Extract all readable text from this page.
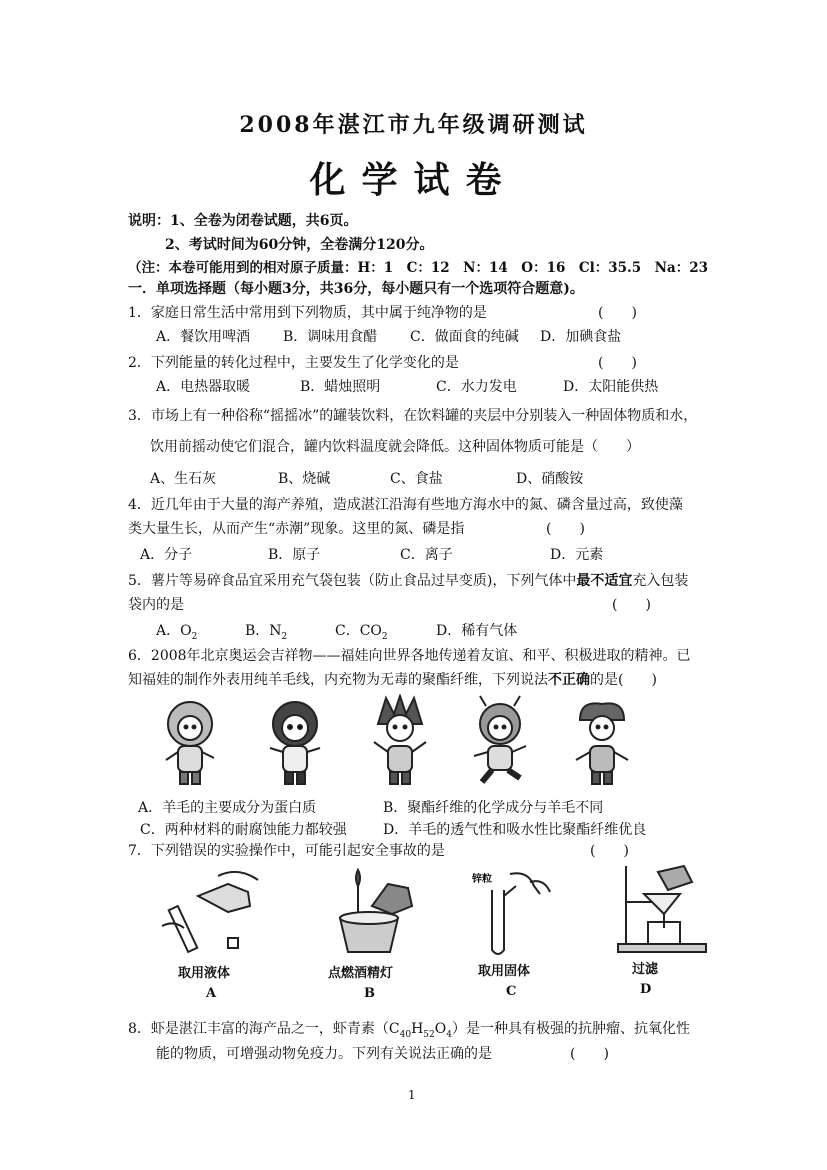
2008年湛江市九年级调研测试
化学试卷
说明：1、全卷为闭卷试题，共6页。
2、考试时间为60分钟，全卷满分120分。
（注：本卷可能用到的相对原子质量：H：1　C：12　N：14　O：16　Cl：35.5　Na：23
一．单项选择题（每小题3分，共36分，每小题只有一个选项符合题意)。
1．家庭日常生活中常用到下列物质，其中属于纯净物的是	(　　)
A．餐饮用啤酒 B．调味用食醋 C．做面食的纯碱 D．加碘食盐
2．下列能量的转化过程中，主要发生了化学变化的是	(　　)
A．电热器取暖	B．蜡烛照明	C．水力发电	D．太阳能供热
3．市场上有一种俗称“摇摇冰”的罐装饮料，在饮料罐的夹层中分别装入一种固体物质和水，
饮用前摇动使它们混合，罐内饮料温度就会降低。这种固体物质可能是（　　）
A、生石灰	B、烧碱	C、食盐	D、硝酸铵
4．近几年由于大量的海产养殖，造成湛江沿海有些地方海水中的氮、磷含量过高，致使藻
类大量生长，从而产生“赤潮”现象。这里的氮、磷是指	(　　)
A．分子	B．原子	C．离子	D．元素
5．薯片等易碎食品宜采用充气袋包装（防止食品过早变质)，下列气体中最不适宜充入包装
袋内的是	(　　)
A．$O_2$	B．$N_2$	C．$CO_2$	D．稀有气体
6．2008年北京奥运会吉祥物——福娃向世界各地传递着友谊、和平、积极进取的精神。已
知福娃的制作外表用纯羊毛线，内充物为无毒的聚酯纤维，下列说法不正确的是(　　)
A．羊毛的主要成分为蛋白质	B．聚酯纤维的化学成分与羊毛不同
C．两种材料的耐腐蚀能力都较强	D．羊毛的透气性和吸水性比聚酯纤维优良
7．下列错误的实验操作中，可能引起安全事故的是	(　　)
锌粒
取用液体
A
点燃酒精灯
B
取用固体
C
过滤
D
8．虾是湛江丰富的海产品之一，虾青素$(C_{40}H_{52}O_4)$是一种具有极强的抗肿瘤、抗氧化性
能的物质，可增强动物免疫力。下列有关说法正确的是	(　　)
1
